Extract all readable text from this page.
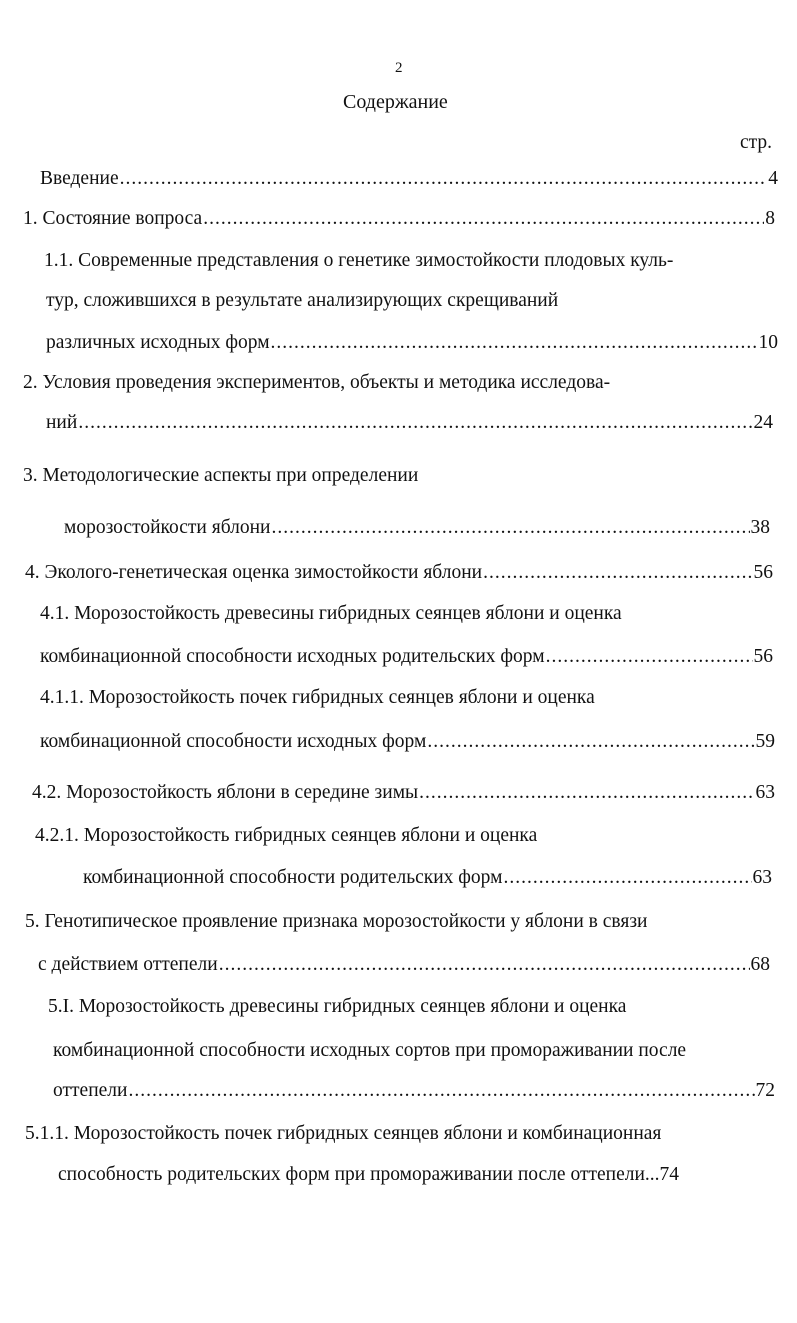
2
Содержание
стр.
Введение .....	4
1. Состояние вопроса .....	8
1.1. Современные представления о генетике зимостойкости плодовых куль-
тур, сложившихся в результате анализирующих скрещиваний
различных исходных форм .....	10
2. Условия проведения экспериментов, объекты и методика исследова-
ний .....	24
3. Методологические аспекты при определении
морозостойкости яблони .....	38
4. Эколого-генетическая оценка зимостойкости яблони .....	56
4.1. Морозостойкость древесины гибридных сеянцев яблони и оценка
комбинационной способности исходных родительских форм .....	56
4.1.1. Морозостойкость почек гибридных сеянцев яблони и оценка
комбинационной способности исходных форм .....	59
4.2. Морозостойкость яблони в середине зимы .....	63
4.2.1. Морозостойкость гибридных сеянцев яблони и оценка
комбинационной способности родительских форм .....	63
5. Генотипическое проявление признака морозостойкости у яблони в связи
с действием оттепели .....	68
5.I. Морозостойкость древесины гибридных сеянцев яблони и оценка
комбинационной способности исходных сортов при промораживании после
оттепели .....	72
5.1.1. Морозостойкость почек гибридных сеянцев яблони и комбинационная
способность родительских форм при промораживании после оттепели...74
